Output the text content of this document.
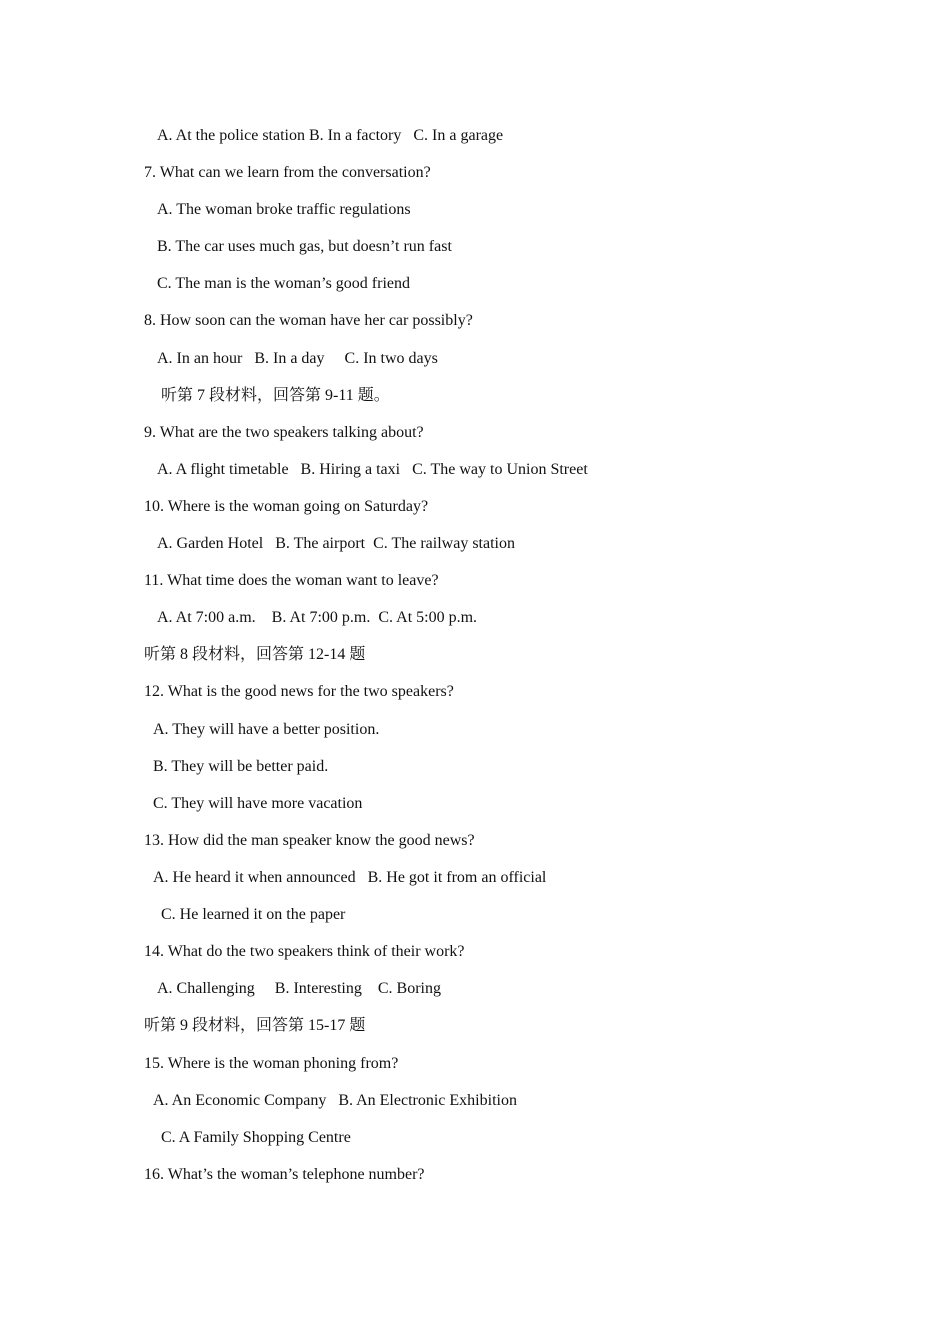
A. At the police station B. In a factory   C. In a garage
7. What can we learn from the conversation?
A. The woman broke traffic regulations
B. The car uses much gas, but doesn’t run fast
C. The man is the woman’s good friend
8. How soon can the woman have her car possibly?
A. In an hour   B. In a day     C. In two days
听第 7 段材料，回答第 9-11 题。
9. What are the two speakers talking about?
A. A flight timetable   B. Hiring a taxi   C. The way to Union Street
10. Where is the woman going on Saturday?
A. Garden Hotel   B. The airport  C. The railway station
11. What time does the woman want to leave?
A. At 7:00 a.m.    B. At 7:00 p.m.  C. At 5:00 p.m.
听第 8 段材料，回答第 12-14 题
12. What is the good news for the two speakers?
A. They will have a better position.
B. They will be better paid.
C. They will have more vacation
13. How did the man speaker know the good news?
A. He heard it when announced   B. He got it from an official
C. He learned it on the paper
14. What do the two speakers think of their work?
A. Challenging     B. Interesting    C. Boring
听第 9 段材料，回答第 15-17 题
15. Where is the woman phoning from?
A. An Economic Company   B. An Electronic Exhibition
C. A Family Shopping Centre
16. What’s the woman’s telephone number?
